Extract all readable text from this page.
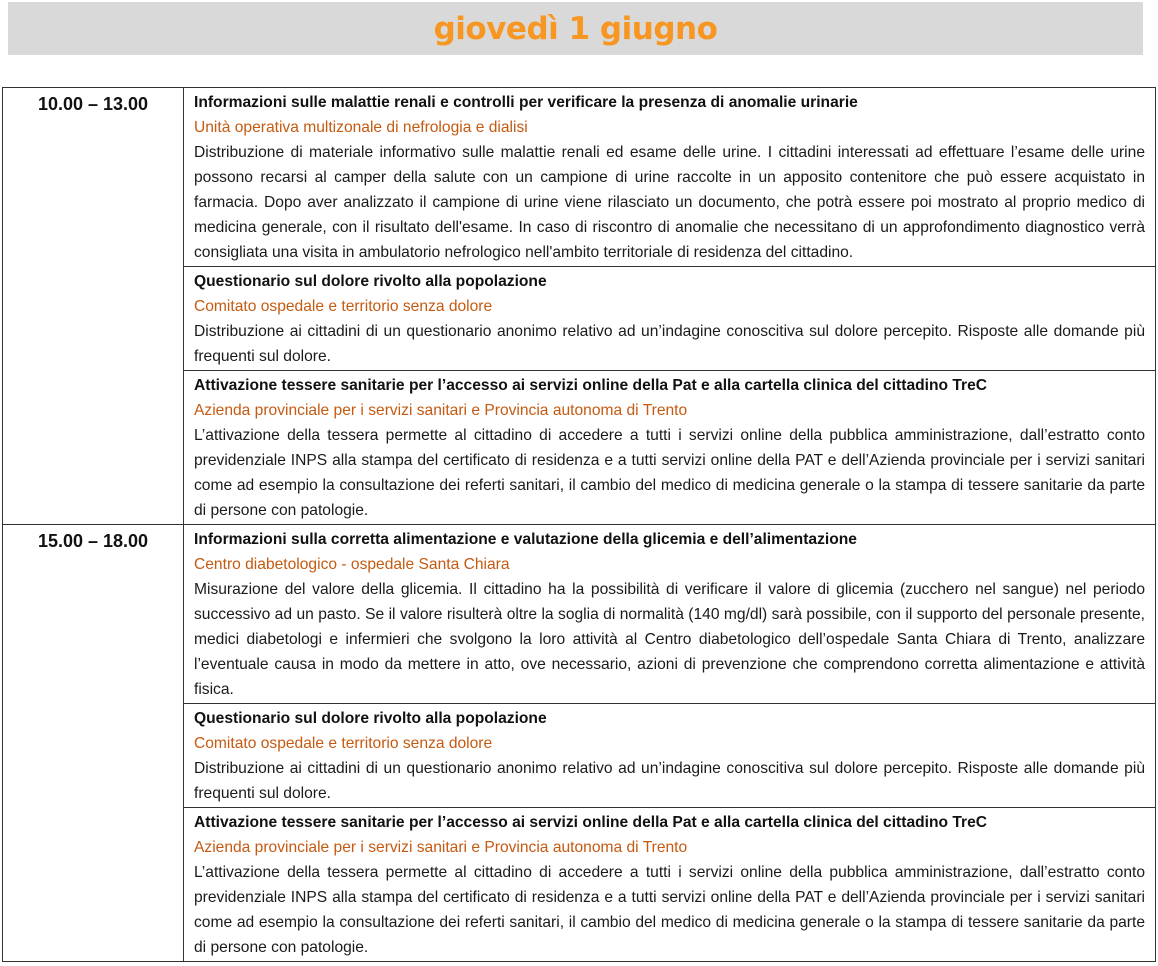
giovedì 1 giugno
10.00 – 13.00	Informazioni sulle malattie renali e controlli per verificare la presenza di anomalie urinarie
Unità operativa multizonale di nefrologia e dialisi

Distribuzione di materiale informativo sulle malattie renali ed esame delle urine. I cittadini interessati ad effettuare l’esame delle urine possono recarsi al camper della salute con un campione di urine raccolte in un apposito contenitore che può essere acquistato in farmacia. Dopo aver analizzato il campione di urine viene rilasciato un documento, che potrà essere poi mostrato al proprio medico di medicina generale, con il risultato dell'esame. In caso di riscontro di anomalie che necessitano di un approfondimento diagnostico verrà consigliata una visita in ambulatorio nefrologico nell'ambito territoriale di residenza del cittadino.

	Questionario sul dolore rivolto alla popolazione
Comitato ospedale e territorio senza dolore

Distribuzione ai cittadini di un questionario anonimo relativo ad un’indagine conoscitiva sul dolore percepito. Risposte alle domande più frequenti sul dolore.

	Attivazione tessere sanitarie per l’accesso ai servizi online della Pat e alla cartella clinica del cittadino TreC
Azienda provinciale per i servizi sanitari e Provincia autonoma di Trento

L’attivazione della tessera permette al cittadino di accedere a tutti i servizi online della pubblica amministrazione, dall’estratto conto previdenziale INPS alla stampa del certificato di residenza e a tutti servizi online della PAT e dell’Azienda provinciale per i servizi sanitari come ad esempio la consultazione dei referti sanitari, il cambio del medico di medicina generale o la stampa di tessere sanitarie da parte di persone con patologie.

15.00 – 18.00	Informazioni sulla corretta alimentazione e valutazione della glicemia e dell’alimentazione
Centro diabetologico - ospedale Santa Chiara

Misurazione del valore della glicemia. Il cittadino ha la possibilità di verificare il valore di glicemia (zucchero nel sangue) nel periodo successivo ad un pasto. Se il valore risulterà oltre la soglia di normalità (140 mg/dl) sarà possibile, con il supporto del personale presente, medici diabetologi e infermieri che svolgono la loro attività al Centro diabetologico dell’ospedale Santa Chiara di Trento, analizzare l’eventuale causa in modo da mettere in atto, ove necessario, azioni di prevenzione che comprendono corretta alimentazione e attività fisica.

	Questionario sul dolore rivolto alla popolazione
Comitato ospedale e territorio senza dolore

Distribuzione ai cittadini di un questionario anonimo relativo ad un’indagine conoscitiva sul dolore percepito. Risposte alle domande più frequenti sul dolore.

	Attivazione tessere sanitarie per l’accesso ai servizi online della Pat e alla cartella clinica del cittadino TreC
Azienda provinciale per i servizi sanitari e Provincia autonoma di Trento

L’attivazione della tessera permette al cittadino di accedere a tutti i servizi online della pubblica amministrazione, dall’estratto conto previdenziale INPS alla stampa del certificato di residenza e a tutti servizi online della PAT e dell’Azienda provinciale per i servizi sanitari come ad esempio la consultazione dei referti sanitari, il cambio del medico di medicina generale o la stampa di tessere sanitarie da parte di persone con patologie.
